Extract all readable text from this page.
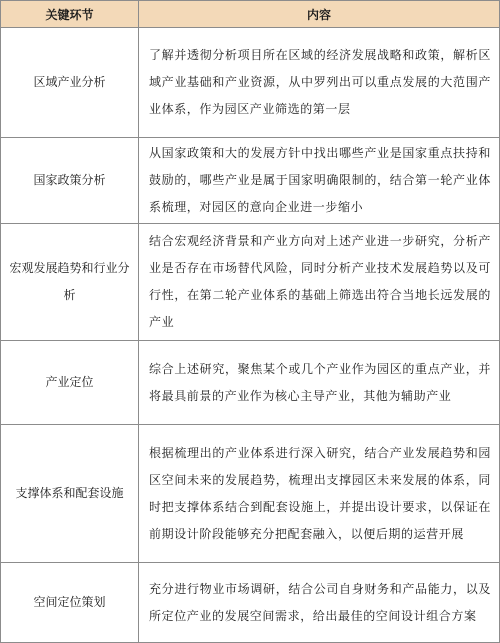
关键环节	内容
区域产业分析	了解并透彻分析项目所在区域的经济发展战略和政策，解析区域产业基础和产业资源，从中罗列出可以重点发展的大范围产业体系，作为园区产业筛选的第一层
国家政策分析	从国家政策和大的发展方针中找出哪些产业是国家重点扶持和鼓励的，哪些产业是属于国家明确限制的，结合第一轮产业体系梳理，对园区的意向企业进一步缩小
宏观发展趋势和行业分析	结合宏观经济背景和产业方向对上述产业进一步研究，分析产业是否存在市场替代风险，同时分析产业技术发展趋势以及可行性，在第二轮产业体系的基础上筛选出符合当地长远发展的产业
产业定位	综合上述研究，聚焦某个或几个产业作为园区的重点产业，并将最具前景的产业作为核心主导产业，其他为辅助产业
支撑体系和配套设施	根据梳理出的产业体系进行深入研究，结合产业发展趋势和园区空间未来的发展趋势，梳理出支撑园区未来发展的体系，同时把支撑体系结合到配套设施上，并提出设计要求，以保证在前期设计阶段能够充分把配套融入，以便后期的运营开展
空间定位策划	充分进行物业市场调研，结合公司自身财务和产品能力，以及所定位产业的发展空间需求，给出最佳的空间设计组合方案
